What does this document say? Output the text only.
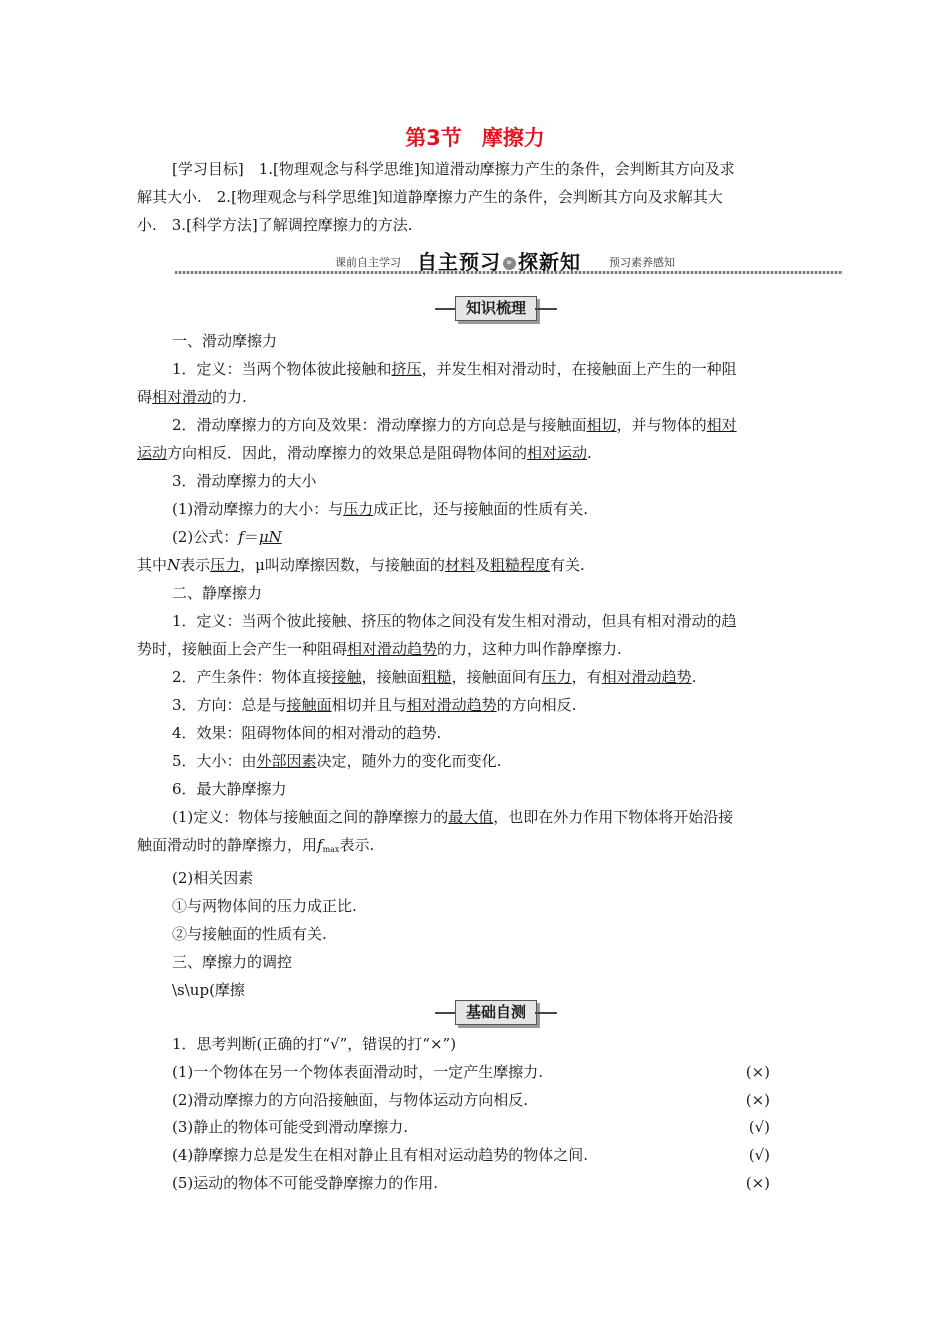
第3节 摩擦力

[学习目标]　1.[物理观念与科学思维]知道滑动摩擦力产生的条件，会判断其方向及求

解其大小.　2.[物理观念与科学思维]知道静摩擦力产生的条件，会判断其方向及求解其大

小.　3.[科学方法]了解调控摩擦力的方法.

课前自主学习 自主预习 » 探新知	预习素养感知
知识梳理

一、滑动摩擦力

1．定义：当两个物体彼此接触和挤压，并发生相对滑动时，在接触面上产生的一种阻

碍相对滑动的力.

2．滑动摩擦力的方向及效果：滑动摩擦力的方向总是与接触面相切，并与物体的相对

运动方向相反．因此，滑动摩擦力的效果总是阻碍物体间的相对运动.

3．滑动摩擦力的大小

(1)滑动摩擦力的大小：与压力成正比，还与接触面的性质有关.

(2)公式：f＝μN

其中N表示压力，μ叫动摩擦因数，与接触面的材料及粗糙程度有关.

二、静摩擦力

1．定义：当两个彼此接触、挤压的物体之间没有发生相对滑动，但具有相对滑动的趋

势时，接触面上会产生一种阻碍相对滑动趋势的力，这种力叫作静摩擦力.

2．产生条件：物体直接接触，接触面粗糙，接触面间有压力，有相对滑动趋势.

3．方向：总是与接触面相切并且与相对滑动趋势的方向相反.

4．效果：阻碍物体间的相对滑动的趋势.

5．大小：由外部因素决定，随外力的变化而变化.

6．最大静摩擦力

(1)定义：物体与接触面之间的静摩擦力的最大值，也即在外力作用下物体将开始沿接

触面滑动时的静摩擦力，用$f_{max}$表示.

(2)相关因素

①与两物体间的压力成正比.

②与接触面的性质有关.

三、摩擦力的调控

\s\up(摩擦

基础自测
1．思考判断(正确的打“√”，错误的打“×”)
(1)一个物体在另一个物体表面滑动时，一定产生摩擦力.	(×)
(2)滑动摩擦力的方向沿接触面，与物体运动方向相反.	(×)
(3)静止的物体可能受到滑动摩擦力.	(√)
(4)静摩擦力总是发生在相对静止且有相对运动趋势的物体之间.	(√)
(5)运动的物体不可能受静摩擦力的作用.	(×)
